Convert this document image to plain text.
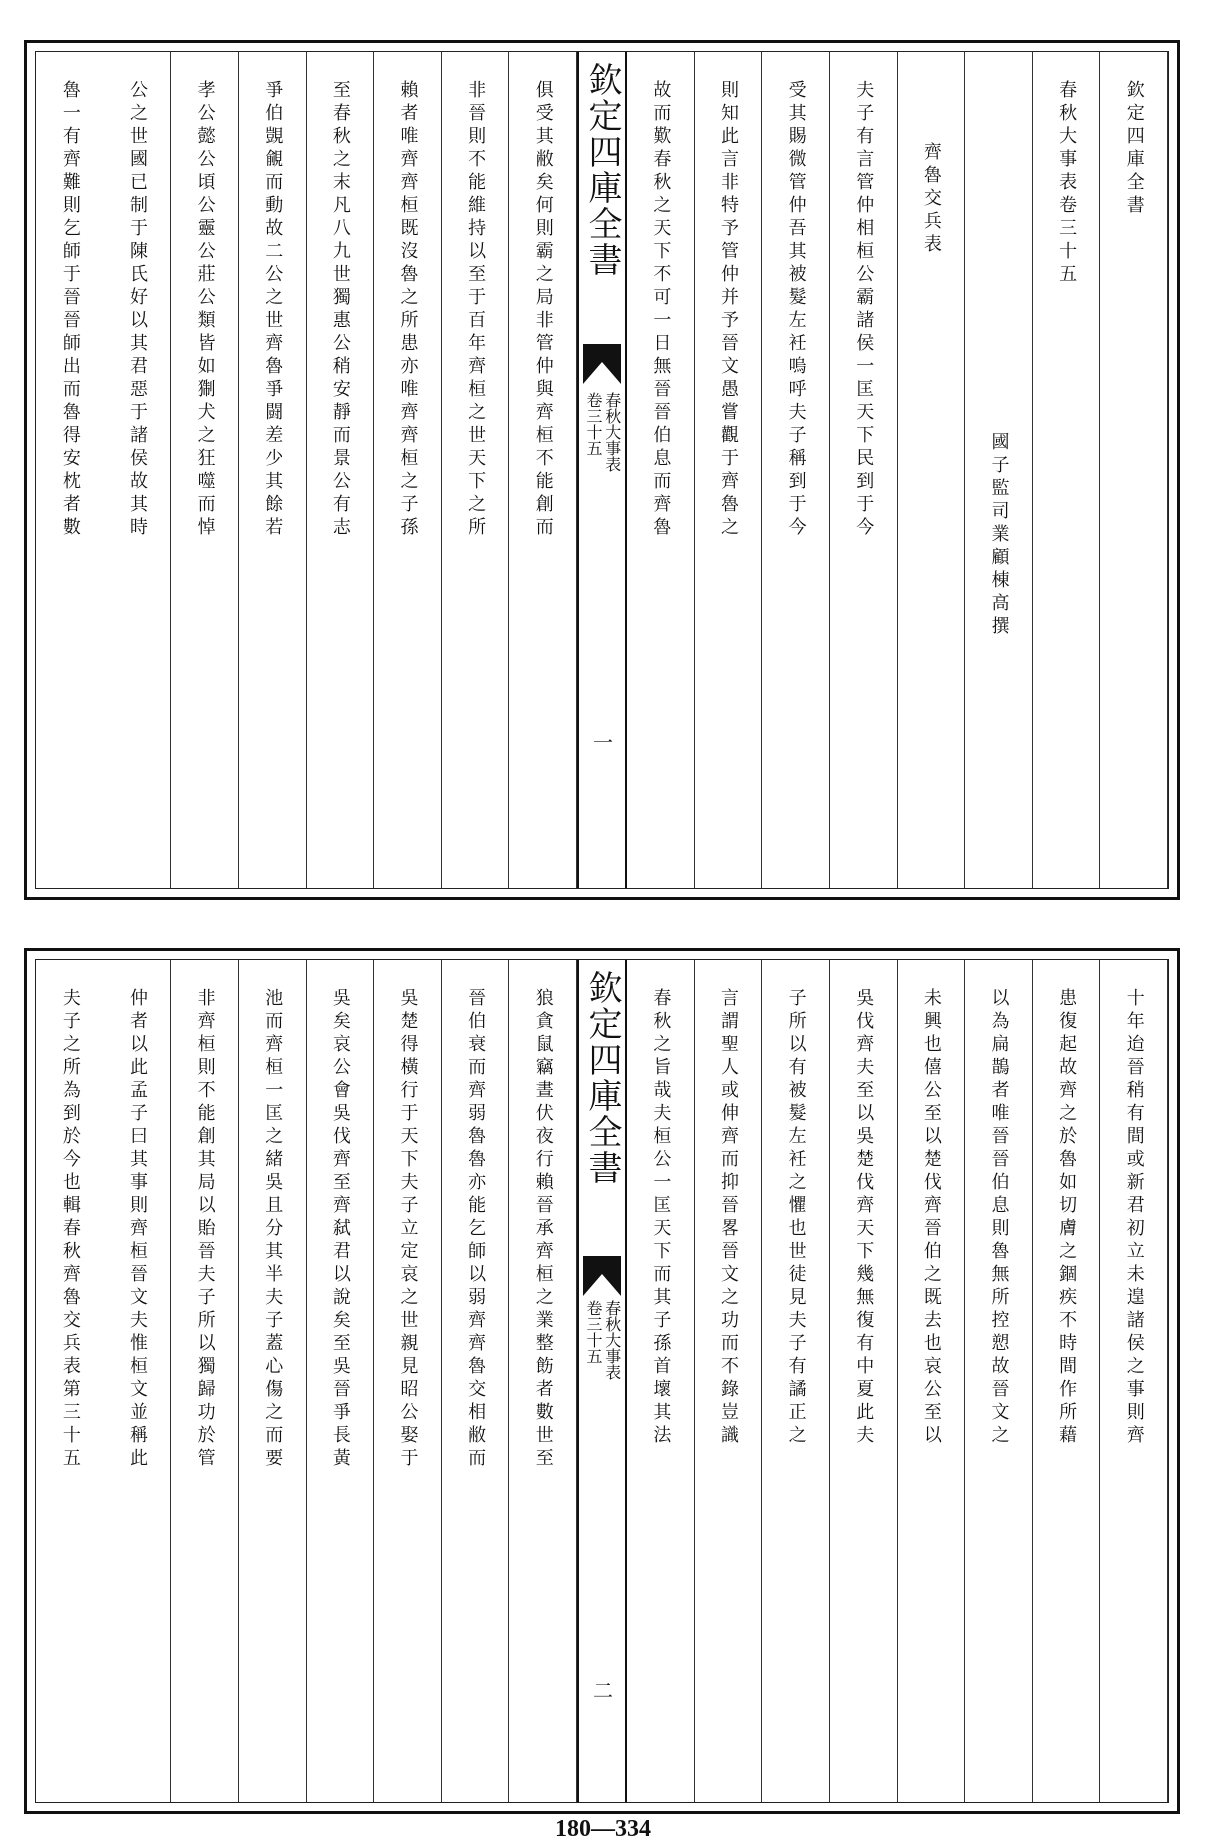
欽定四庫全書
春秋大事表卷三十五
國子監司業顧棟高撰
齊魯交兵表
夫子有言管仲相桓公霸諸侯一匡天下民到于今
受其賜微管仲吾其被髮左衽嗚呼夫子稱到于今
則知此言非特予管仲并予晉文愚嘗觀于齊魯之
故而歎春秋之天下不可一日無晉晉伯息而齊魯
欽定四庫全書
春秋大事表
卷三十五
一
俱受其敝矣何則霸之局非管仲與齊桓不能創而
非晉則不能維持以至于百年齊桓之世天下之所
賴者唯齊齊桓既沒魯之所患亦唯齊齊桓之子孫
至春秋之末凡八九世獨惠公稍安靜而景公有志
爭伯覬覦而動故二公之世齊魯爭闘差少其餘若
孝公懿公頃公靈公莊公類皆如猘犬之狂噬而悼
公之世國已制于陳氏好以其君惡于諸侯故其時
魯一有齊難則乞師于晉晉師出而魯得安枕者數
十年迨晉稍有間或新君初立未遑諸侯之事則齊
患復起故齊之於魯如切膚之錮疾不時間作所藉
以為扁鵲者唯晉晉伯息則魯無所控愬故晉文之
未興也僖公至以楚伐齊晉伯之既去也哀公至以
吳伐齊夫至以吳楚伐齊天下幾無復有中夏此夫
子所以有被髮左衽之懼也世徒見夫子有譎正之
言謂聖人或伸齊而抑晉畧晉文之功而不錄豈識
春秋之旨哉夫桓公一匡天下而其子孫首壞其法
欽定四庫全書
春秋大事表
卷三十五
二
狼貪鼠竊晝伏夜行賴晉承齊桓之業整飭者數世至
晉伯衰而齊弱魯魯亦能乞師以弱齊齊魯交相敝而
吳楚得橫行于天下夫子立定哀之世親見昭公娶于
吳矣哀公會吳伐齊至齊弑君以說矣至吳晉爭長黃
池而齊桓一匡之緒吳且分其半夫子蓋心傷之而要
非齊桓則不能創其局以貽晉夫子所以獨歸功於管
仲者以此孟子曰其事則齊桓晉文夫惟桓文並稱此
夫子之所為到於今也輯春秋齊魯交兵表第三十五
180—334
